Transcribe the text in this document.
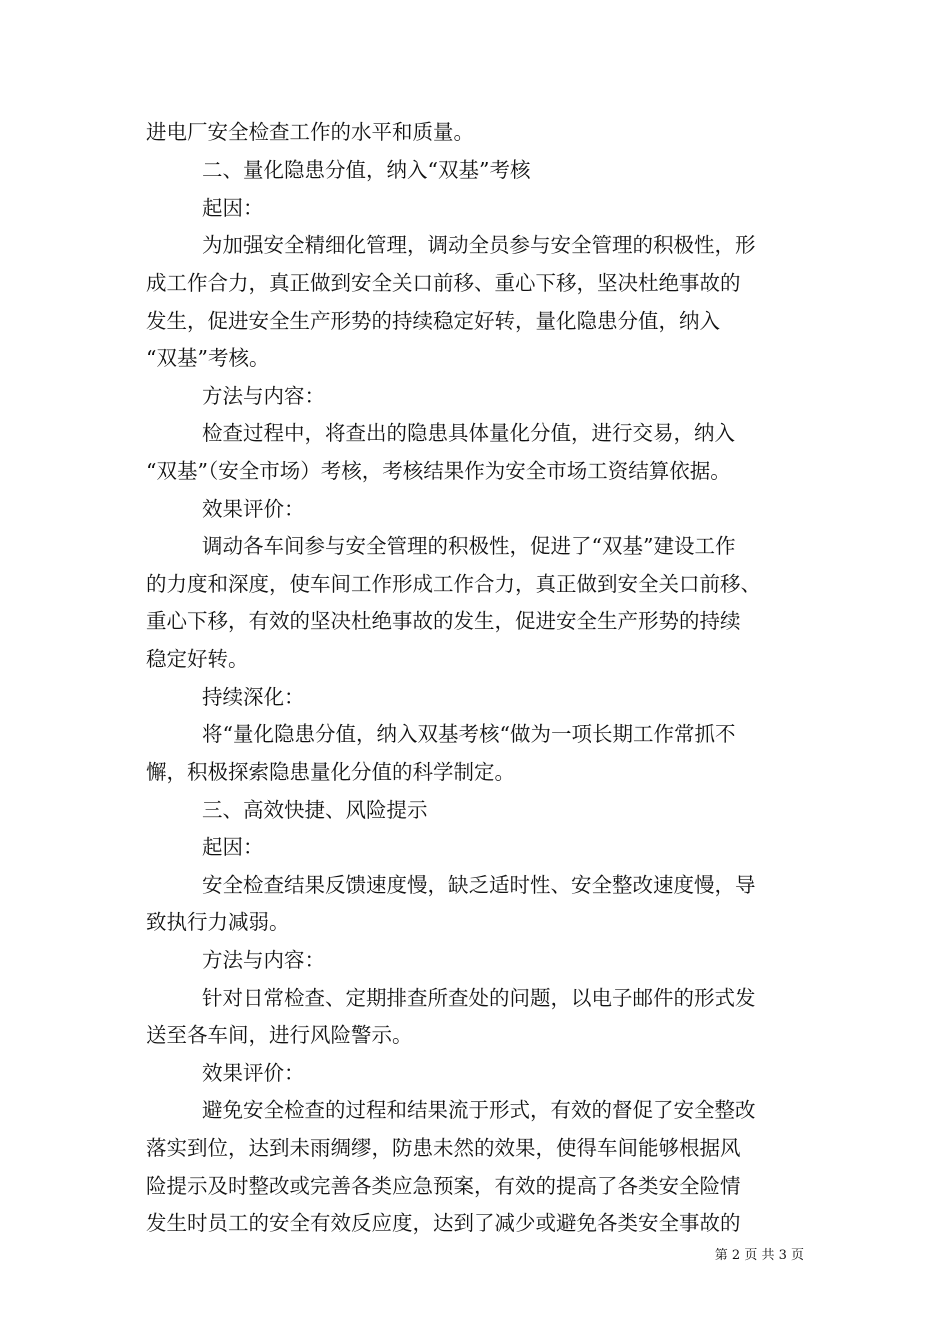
进电厂安全检查工作的水平和质量。
二、量化隐患分值，纳入“双基”考核
起因：
为加强安全精细化管理，调动全员参与安全管理的积极性，形
成工作合力，真正做到安全关口前移、重心下移，坚决杜绝事故的
发生，促进安全生产形势的持续稳定好转，量化隐患分值，纳入
“双基”考核。
方法与内容：
检查过程中，将查出的隐患具体量化分值，进行交易，纳入
“双基”（安全市场）考核，考核结果作为安全市场工资结算依据。
效果评价：
调动各车间参与安全管理的积极性，促进了“双基”建设工作
的力度和深度，使车间工作形成工作合力，真正做到安全关口前移、
重心下移，有效的坚决杜绝事故的发生，促进安全生产形势的持续
稳定好转。
持续深化：
将“量化隐患分值，纳入双基考核“做为一项长期工作常抓不
懈，积极探索隐患量化分值的科学制定。
三、高效快捷、风险提示
起因：
安全检查结果反馈速度慢，缺乏适时性、安全整改速度慢，导
致执行力减弱。
方法与内容：
针对日常检查、定期排查所查处的问题，以电子邮件的形式发
送至各车间，进行风险警示。
效果评价：
避免安全检查的过程和结果流于形式，有效的督促了安全整改
落实到位，达到未雨绸缪，防患未然的效果，使得车间能够根据风
险提示及时整改或完善各类应急预案，有效的提高了各类安全险情
发生时员工的安全有效反应度，达到了减少或避免各类安全事故的
第 2 页 共 3 页
